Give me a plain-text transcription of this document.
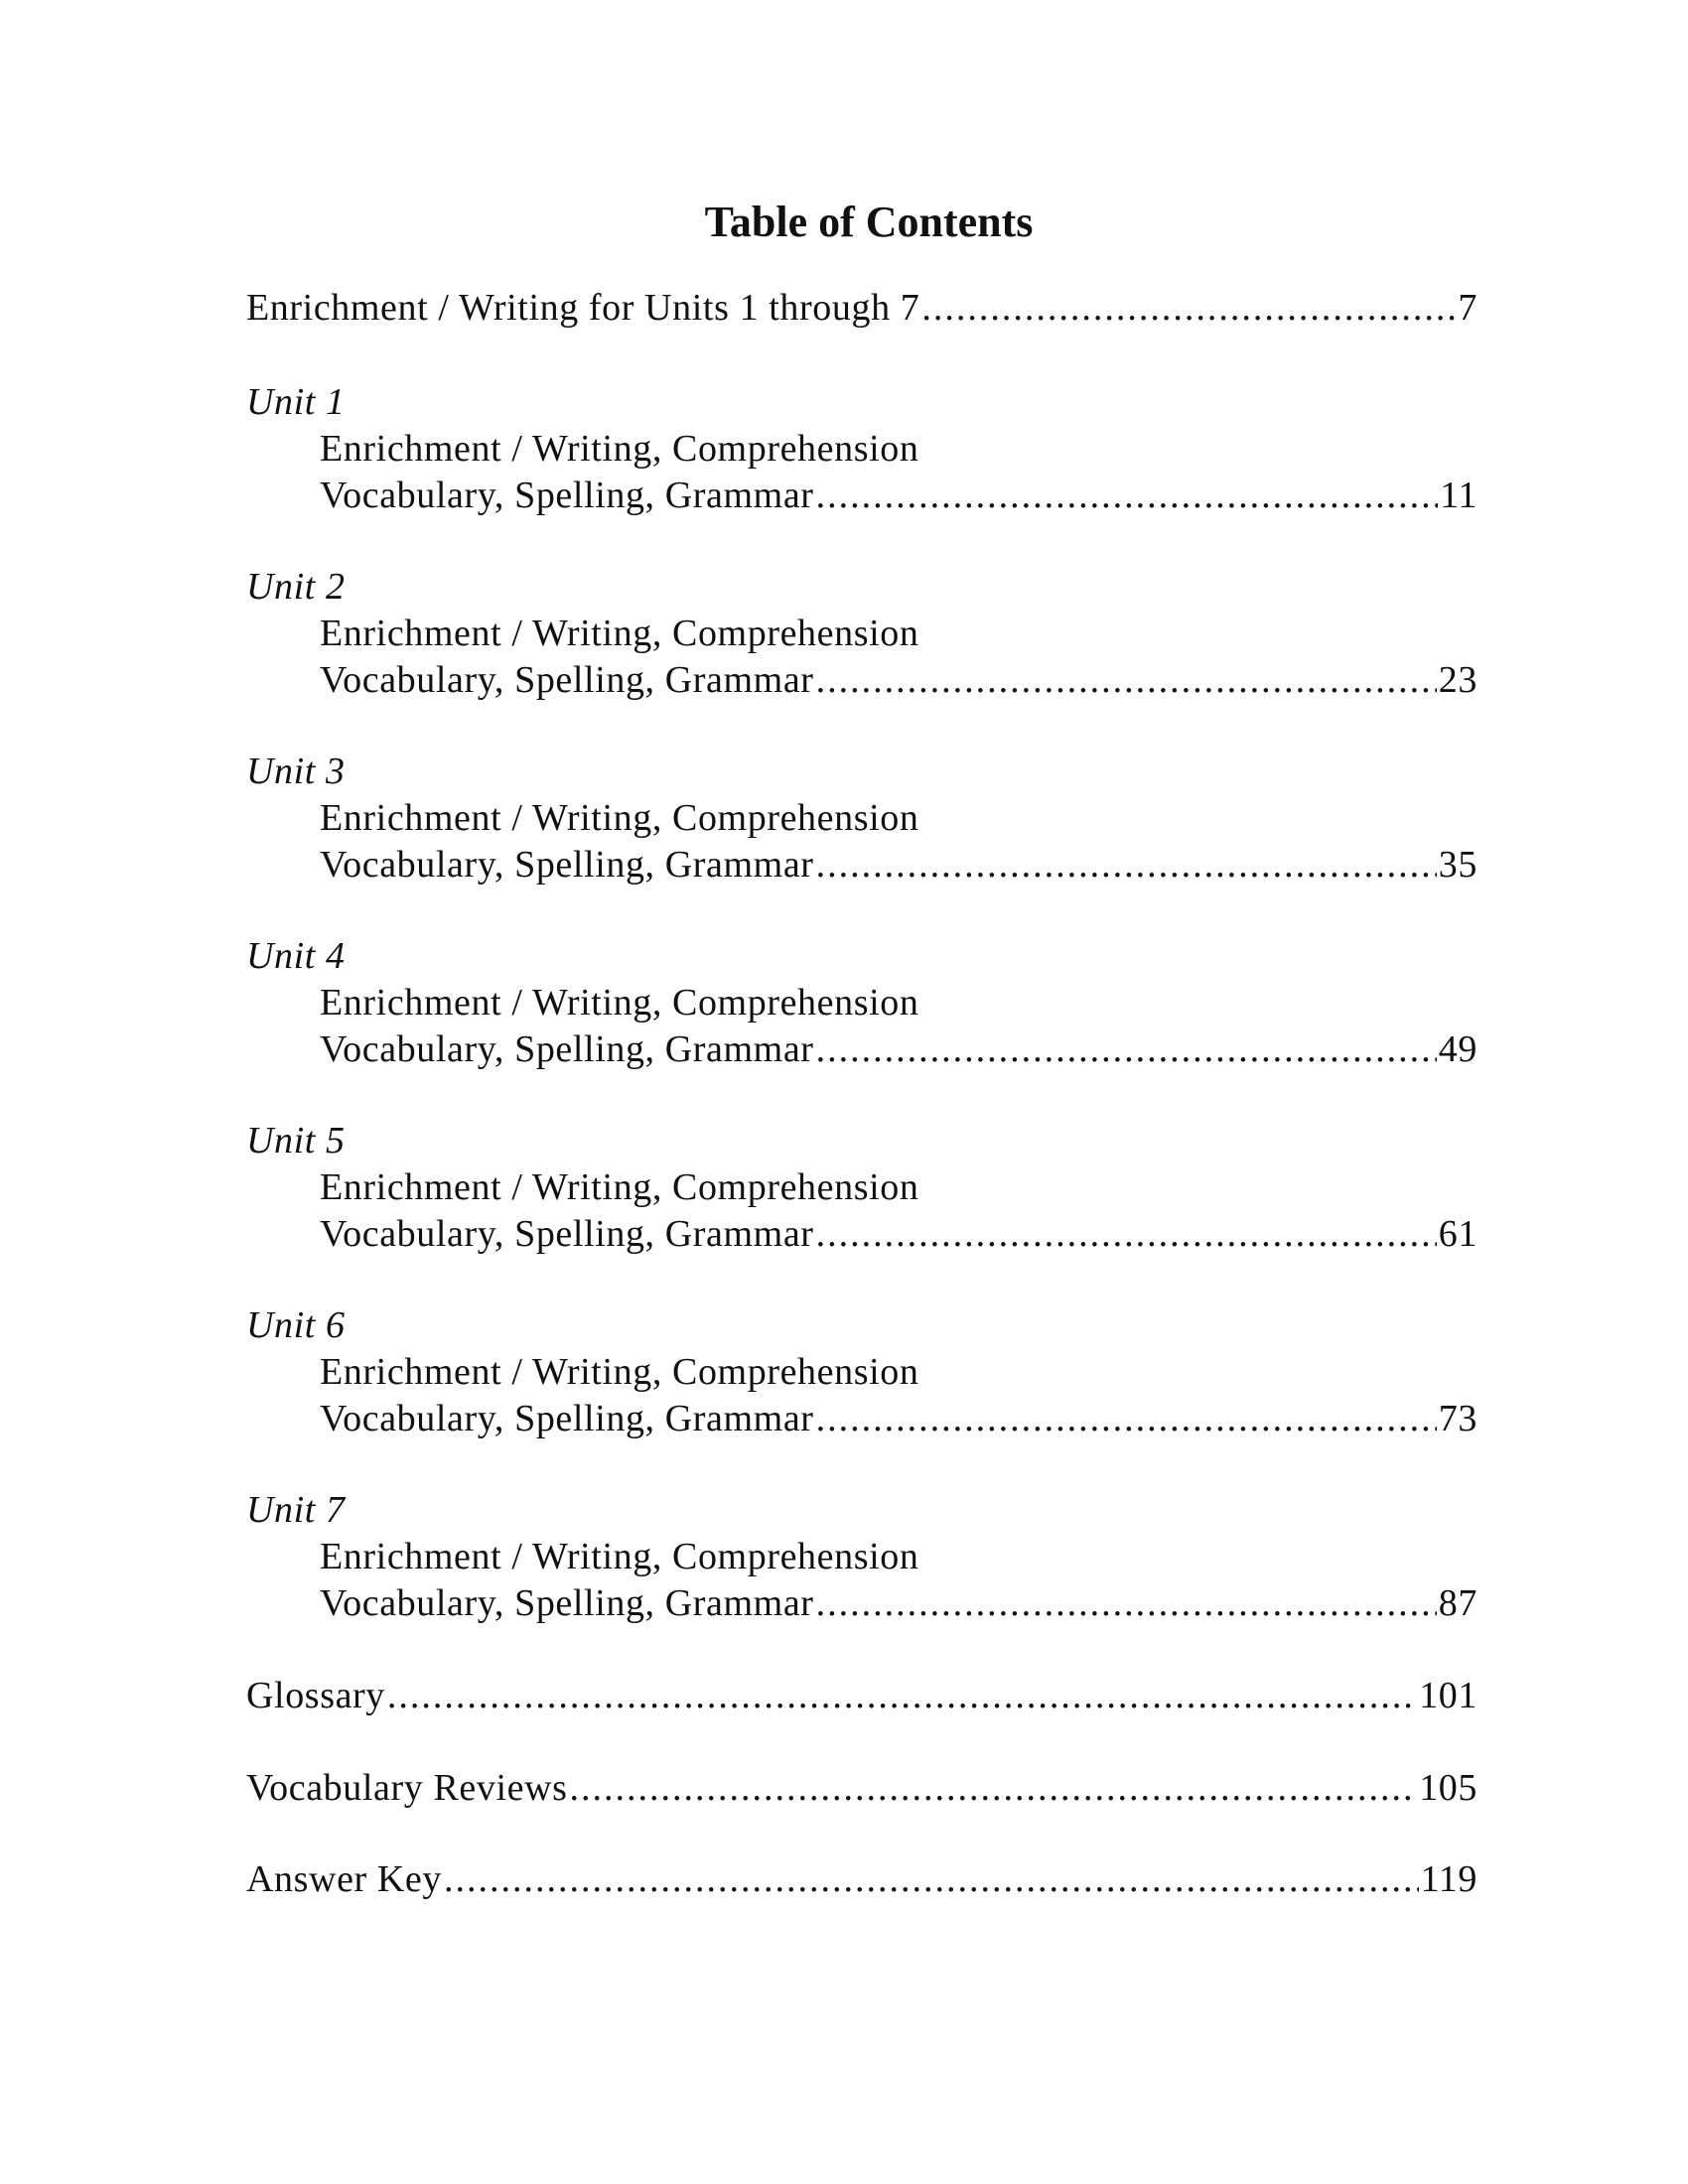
Table of Contents
Enrichment / Writing for Units 1 through 7 .....	7
Unit 1
Enrichment / Writing, Comprehension
Vocabulary, Spelling, Grammar .....	11
Unit 2
Enrichment / Writing, Comprehension
Vocabulary, Spelling, Grammar .....	23
Unit 3
Enrichment / Writing, Comprehension
Vocabulary, Spelling, Grammar .....	35
Unit 4
Enrichment / Writing, Comprehension
Vocabulary, Spelling, Grammar .....	49
Unit 5
Enrichment / Writing, Comprehension
Vocabulary, Spelling, Grammar .....	61
Unit 6
Enrichment / Writing, Comprehension
Vocabulary, Spelling, Grammar .....	73
Unit 7
Enrichment / Writing, Comprehension
Vocabulary, Spelling, Grammar .....	87
Glossary .....	101
Vocabulary Reviews .....	105
Answer Key .....	119
